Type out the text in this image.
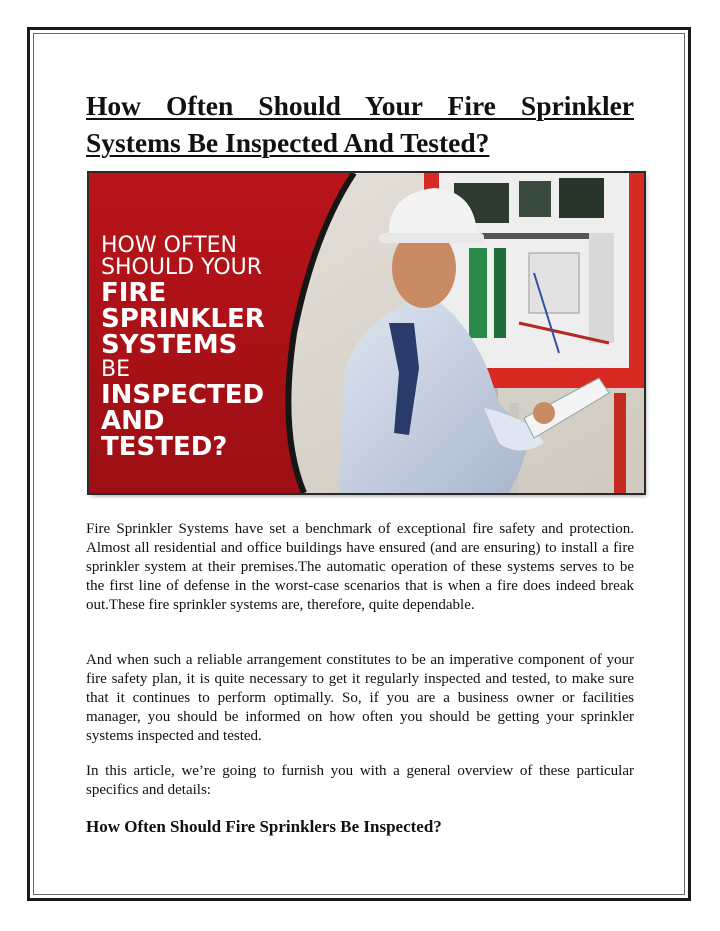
How Often Should Your Fire Sprinkler Systems Be Inspected And Tested?
HOW OFTEN
SHOULD YOUR
FIRE
SPRINKLER
SYSTEMS
BE
INSPECTED
AND
TESTED?

Fire Sprinkler Systems have set a benchmark of exceptional fire safety and protection. Almost all residential and office buildings have ensured (and are ensuring) to install a fire sprinkler system at their premises.The automatic operation of these systems serves to be the first line of defense in the worst-case scenarios that is when a fire does indeed break out.These fire sprinkler systems are, therefore, quite dependable.

And when such a reliable arrangement constitutes to be an imperative component of your fire safety plan, it is quite necessary to get it regularly inspected and tested, to make sure that it continues to perform optimally. So, if you are a business owner or facilities manager, you should be informed on how often you should be getting your sprinkler systems inspected and tested.

In this article, we’re going to furnish you with a general overview of these particular specifics and details:

How Often Should Fire Sprinklers Be Inspected?
